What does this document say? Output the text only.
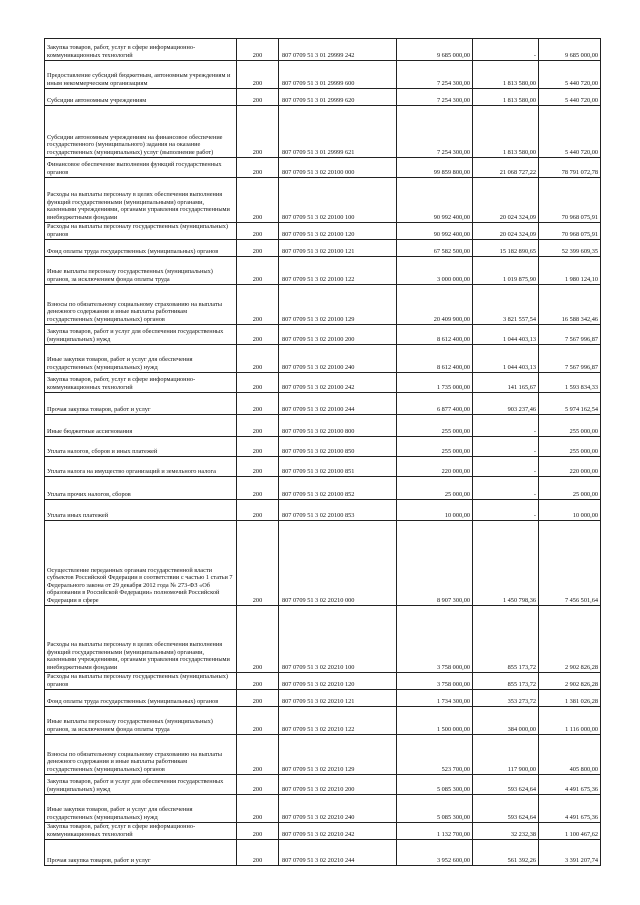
Закупка товаров, работ, услуг в сфере информационно-коммуникационных технологий	200	807 0709 51 3 01 29999 242	9 685 000,00	-	9 685 000,00
Предоставление субсидий бюджетным, автономным учреждениям и иным некоммерческим организациям	200	807 0709 51 3 01 29999 600	7 254 300,00	1 813 580,00	5 440 720,00
Субсидии автономным учреждениям	200	807 0709 51 3 01 29999 620	7 254 300,00	1 813 580,00	5 440 720,00
Субсидии автономным учреждениям на финансовое обеспечение государственного (муниципального) задания на оказание государственных (муниципальных) услуг (выполнение работ)	200	807 0709 51 3 01 29999 621	7 254 300,00	1 813 580,00	5 440 720,00
Финансовое обеспечение выполнения функций государственных органов	200	807 0709 51 3 02 20100 000	99 859 800,00	21 068 727,22	78 791 072,78
Расходы на выплаты персоналу в целях обеспечения выполнения функций государственными (муниципальными) органами, казенными учреждениями, органами управления государственными внебюджетными фондами	200	807 0709 51 3 02 20100 100	90 992 400,00	20 024 324,09	70 968 075,91
Расходы на выплаты персоналу государственных (муниципальных) органов	200	807 0709 51 3 02 20100 120	90 992 400,00	20 024 324,09	70 968 075,91
Фонд оплаты труда государственных (муниципальных) органов	200	807 0709 51 3 02 20100 121	67 582 500,00	15 182 890,65	52 399 609,35
Иные выплаты персоналу государственных (муниципальных) органов, за исключением фонда оплаты труда	200	807 0709 51 3 02 20100 122	3 000 000,00	1 019 875,90	1 980 124,10
Взносы по обязательному социальному страхованию на выплаты денежного содержания и иные выплаты работникам государственных (муниципальных) органов	200	807 0709 51 3 02 20100 129	20 409 900,00	3 821 557,54	16 588 342,46
Закупка товаров, работ и услуг для обеспечения государственных (муниципальных) нужд	200	807 0709 51 3 02 20100 200	8 612 400,00	1 044 403,13	7 567 996,87
Иные закупки товаров, работ и услуг для обеспечения государственных (муниципальных) нужд	200	807 0709 51 3 02 20100 240	8 612 400,00	1 044 403,13	7 567 996,87
Закупка товаров, работ, услуг в сфере информационно-коммуникационных технологий	200	807 0709 51 3 02 20100 242	1 735 000,00	141 165,67	1 593 834,33
Прочая закупка товаров, работ и услуг	200	807 0709 51 3 02 20100 244	6 877 400,00	903 237,46	5 974 162,54
Иные бюджетные ассигнования	200	807 0709 51 3 02 20100 800	255 000,00	-	255 000,00
Уплата налогов, сборов и иных платежей	200	807 0709 51 3 02 20100 850	255 000,00	-	255 000,00
Уплата налога на имущество организаций и земельного налога	200	807 0709 51 3 02 20100 851	220 000,00	-	220 000,00
Уплата прочих налогов, сборов	200	807 0709 51 3 02 20100 852	25 000,00	-	25 000,00
Уплата иных платежей	200	807 0709 51 3 02 20100 853	10 000,00	-	10 000,00
Осуществление переданных органам государственной власти субъектов Российской Федерации в соответствии с частью 1 статьи 7 Федерального закона от 29 декабря 2012 года № 273-ФЗ «Об образовании в Российской Федерации» полномочий Российской Федерации в сфере	200	807 0709 51 3 02 20210 000	8 907 300,00	1 450 798,36	7 456 501,64
Расходы на выплаты персоналу в целях обеспечения выполнения функций государственными (муниципальными) органами, казенными учреждениями, органами управления государственными внебюджетными фондами	200	807 0709 51 3 02 20210 100	3 758 000,00	855 173,72	2 902 826,28
Расходы на выплаты персоналу государственных (муниципальных) органов	200	807 0709 51 3 02 20210 120	3 758 000,00	855 173,72	2 902 826,28
Фонд оплаты труда государственных (муниципальных) органов	200	807 0709 51 3 02 20210 121	1 734 300,00	353 273,72	1 381 026,28
Иные выплаты персоналу государственных (муниципальных) органов, за исключением фонда оплаты труда	200	807 0709 51 3 02 20210 122	1 500 000,00	384 000,00	1 116 000,00
Взносы по обязательному социальному страхованию на выплаты денежного содержания и иные выплаты работникам государственных (муниципальных) органов	200	807 0709 51 3 02 20210 129	523 700,00	117 900,00	405 800,00
Закупка товаров, работ и услуг для обеспечения государственных (муниципальных) нужд	200	807 0709 51 3 02 20210 200	5 085 300,00	593 624,64	4 491 675,36
Иные закупки товаров, работ и услуг для обеспечения государственных (муниципальных) нужд	200	807 0709 51 3 02 20210 240	5 085 300,00	593 624,64	4 491 675,36
Закупка товаров, работ, услуг в сфере информационно-коммуникационных технологий	200	807 0709 51 3 02 20210 242	1 132 700,00	32 232,38	1 100 467,62
Прочая закупка товаров, работ и услуг	200	807 0709 51 3 02 20210 244	3 952 600,00	561 392,26	3 391 207,74
